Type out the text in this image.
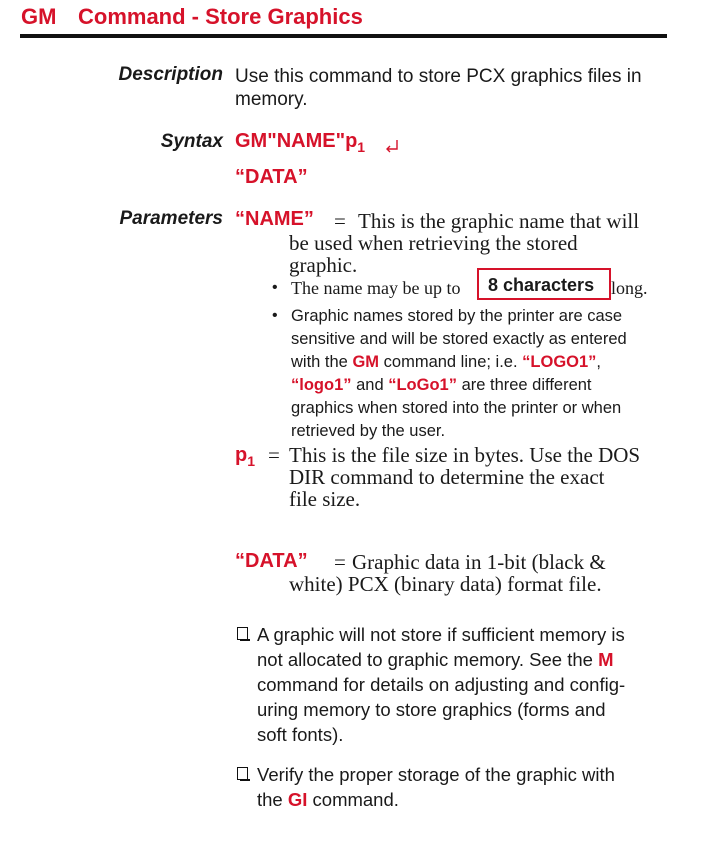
GM Command - Store Graphics
Description Use this command to store PCX graphics files in
memory.
Syntax $GM"NAME"p_1$
“DATA”
Parameters “NAME” = This is the graphic name that will
be used when retrieving the stored
graphic.
• The name may be up to 8 characters long.
• Graphic names stored by the printer are case
sensitive and will be stored exactly as entered
with the GM command line; i.e. “LOGO1”,
“logo1” and “LoGo1” are three different
graphics when stored into the printer or when
retrieved by the user.
$p_1$ = This is the file size in bytes. Use the DOS
DIR command to determine the exact
file size.
“DATA” = Graphic data in 1-bit (black &
white) PCX (binary data) format file.
A graphic will not store if sufficient memory is
not allocated to graphic memory. See the M
command for details on adjusting and config-
uring memory to store graphics (forms and
soft fonts).
Verify the proper storage of the graphic with
the GI command.
